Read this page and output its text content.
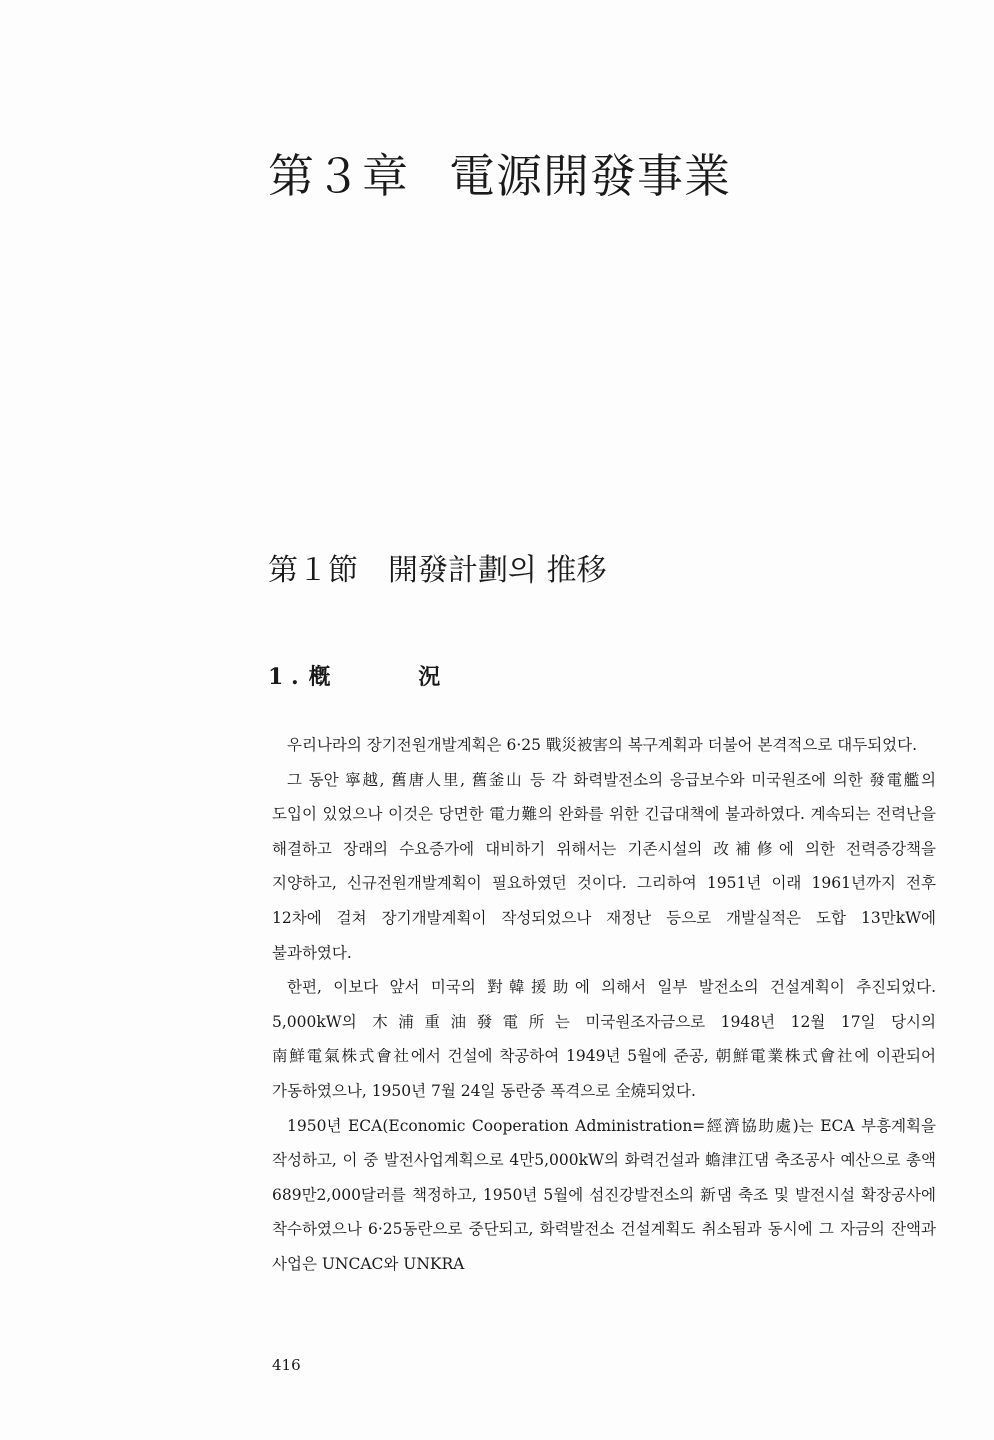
第３章 電源開發事業
第１節 開發計劃의 推移
1 . 槪 況

우리나라의 장기전원개발계획은 6·25 戰災被害의 복구계획과 더불어 본격적으로 대두되었다.

그 동안 寧越, 舊唐人里, 舊釜山 등 각 화력발전소의 응급보수와 미국원조에 의한 發電艦의 도입이 있었으나 이것은 당면한 電力難의 완화를 위한 긴급대책에 불과하였다. 계속되는 전력난을 해결하고 장래의 수요증가에 대비하기 위해서는 기존시설의 改補修에 의한 전력증강책을 지양하고, 신규전원개발계획이 필요하였던 것이다. 그리하여 1951년 이래 1961년까지 전후 12차에 걸쳐 장기개발계획이 작성되었으나 재정난 등으로 개발실적은 도합 13만kW에 불과하였다.

한편, 이보다 앞서 미국의 對韓援助에 의해서 일부 발전소의 건설계획이 추진되었다. 5,000kW의 木浦重油發電所는 미국원조자금으로 1948년 12월 17일 당시의 南鮮電氣株式會社에서 건설에 착공하여 1949년 5월에 준공, 朝鮮電業株式會社에 이관되어 가동하였으나, 1950년 7월 24일 동란중 폭격으로 全燒되었다.

1950년 ECA(Economic Cooperation Administration=經濟協助處)는 ECA 부흥계획을 작성하고, 이 중 발전사업계획으로 4만5,000kW의 화력건설과 蟾津江댐 축조공사 예산으로 총액 689만2,000달러를 책정하고, 1950년 5월에 섬진강발전소의 新댐 축조 및 발전시설 확장공사에 착수하였으나 6·25동란으로 중단되고, 화력발전소 건설계획도 취소됨과 동시에 그 자금의 잔액과 사업은 UNCAC와 UNKRA

416
